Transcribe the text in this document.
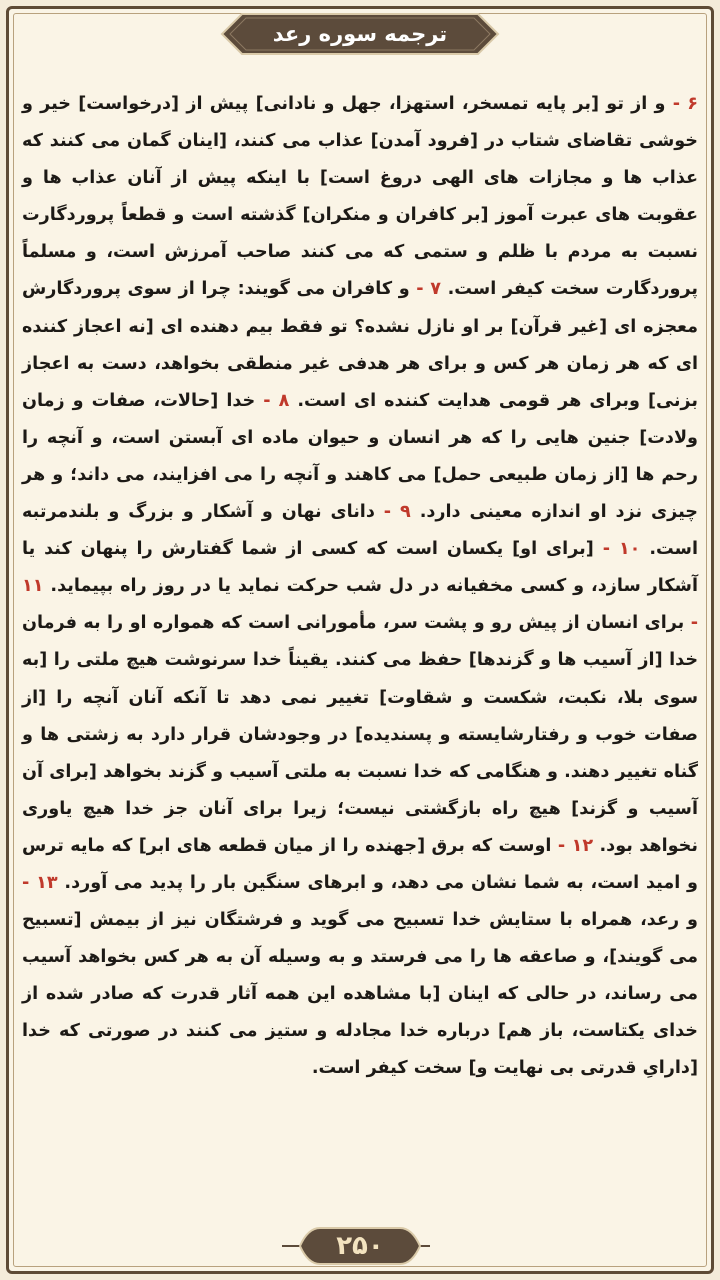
ترجمه سوره رعد

۶ - و از تو [بر پایه تمسخر، استهزا، جهل و نادانی] پیش از [درخواست] خیر و خوشی تقاضای شتاب در [فرود آمدن] عذاب می کنند، [اینان گمان می کنند که عذاب ها و مجازات های الهی دروغ است] با اینکه پیش از آنان عذاب ها و عقوبت های عبرت آموز [بر کافران و منکران] گذشته است و قطعاً پروردگارت نسبت به مردم با ظلم و ستمی که می کنند صاحب آمرزش است، و مسلماً پروردگارت سخت کیفر است. ۷ - و کافران می گویند: چرا از سوی پروردگارش معجزه ای [غیر قرآن] بر او نازل نشده؟ تو فقط بیم دهنده ای [نه اعجاز کننده ای که هر زمان هر کس و برای هر هدفی غیر منطقی بخواهد، دست به اعجاز بزنی] وبرای هر قومی هدایت کننده ای است. ۸ - خدا [حالات، صفات و زمان ولادت] جنین هایی را که هر انسان و حیوان ماده ای آبستن است، و آنچه را رحم ها [از زمان طبیعی حمل] می کاهند و آنچه را می افزایند، می داند؛ و هر چیزی نزد او اندازه معینی دارد. ۹ - دانای نهان و آشکار و بزرگ و بلندمرتبه است. ۱۰ - [برای او] یکسان است که کسی از شما گفتارش را پنهان کند یا آشکار سازد، و کسی مخفیانه در دل شب حرکت نماید یا در روز راه بپیماید. ۱۱ - برای انسان از پیش رو و پشت سر، مأمورانی است که همواره او را به فرمان خدا [از آسیب ها و گزندها] حفظ می کنند. یقیناً خدا سرنوشت هیچ ملتی را [به سوی بلا، نکبت، شکست و شقاوت] تغییر نمی دهد تا آنکه آنان آنچه را [از صفات خوب و رفتارشایسته و پسندیده] در وجودشان قرار دارد به زشتی ها و گناه تغییر دهند. و هنگامی که خدا نسبت به ملتی آسیب و گزند بخواهد [برای آن آسیب و گزند] هیچ راه بازگشتی نیست؛ زیرا برای آنان جز خدا هیچ یاوری نخواهد بود. ۱۲ - اوست که برق [جهنده را از میان قطعه های ابر] که مایه ترس و امید است، به شما نشان می دهد، و ابرهای سنگین بار را پدید می آورد. ۱۳ - و رعد، همراه با ستایش خدا تسبیح می گوید و فرشتگان نیز از بیمش [تسبیح می گویند]، و صاعقه ها را می فرستد و به وسیله آن به هر کس بخواهد آسیب می رساند، در حالی که اینان [با مشاهده این همه آثار قدرت که صادر شده از خدای یکتاست، باز هم] درباره خدا مجادله و ستیز می کنند در صورتی که خدا [دارایِ قدرتی بی نهایت و] سخت کیفر است.

۲۵۰
